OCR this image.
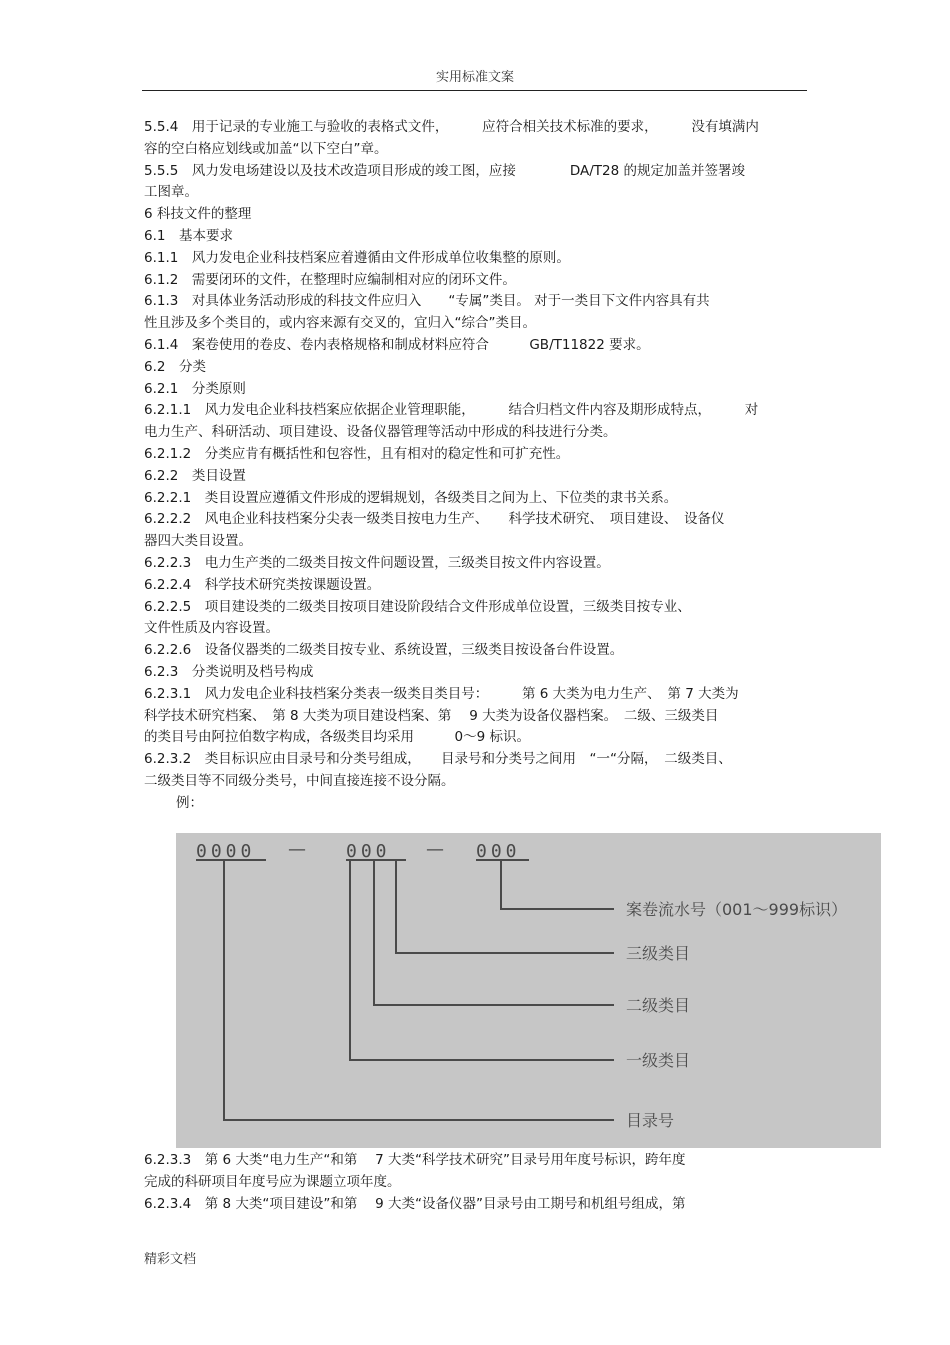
实用标准文案
5.5.4　用于记录的专业施工与验收的表格式文件，　　　应符合相关技术标准的要求，　　　没有填满内
容的空白格应划线或加盖“以下空白”章。
5.5.5　风力发电场建设以及技术改造项目形成的竣工图，应接　　　　DA/T28 的规定加盖并签署竣
工图章。
6 科技文件的整理
6.1　基本要求
6.1.1　风力发电企业科技档案应着遵循由文件形成单位收集整的原则。
6.1.2　需要闭环的文件，在整理时应编制相对应的闭环文件。
6.1.3　对具体业务活动形成的科技文件应归入　　“专属”类目。 对于一类目下文件内容具有共
性且涉及多个类目的，或内容来源有交叉的，宜归入“综合”类目。
6.1.4　案卷使用的卷皮、卷内表格规格和制成材料应符合　　　GB/T11822 要求。
6.2　分类
6.2.1　分类原则
6.2.1.1　风力发电企业科技档案应依据企业管理职能，　　　结合归档文件内容及期形成特点，　　　对
电力生产、科研活动、项目建设、设备仪器管理等活动中形成的科技进行分类。
6.2.1.2　分类应肯有概括性和包容性，且有相对的稳定性和可扩充性。
6.2.2　类目设置
6.2.2.1　类目设置应遵循文件形成的逻辑规划，各级类目之间为上、下位类的隶书关系。
6.2.2.2　风电企业科技档案分尖表一级类目按电力生产、　　科学技术研究、　项目建设、　设备仪
器四大类目设置。
6.2.2.3　电力生产类的二级类目按文件问题设置，三级类目按文件内容设置。
6.2.2.4　科学技术研究类按课题设置。
6.2.2.5　项目建设类的二级类目按项目建设阶段结合文件形成单位设置，三级类目按专业、
文件性质及内容设置。
6.2.2.6　设备仪器类的二级类目按专业、系统设置，三级类目按设备台件设置。
6.2.3　分类说明及档号构成
6.2.3.1　风力发电企业科技档案分类表一级类目类目号：　　　第 6 大类为电力生产、　第 7 大类为
科学技术研究档案、　第 8 大类为项目建设档案、第　 9 大类为设备仪器档案。　二级、三级类目
的类目号由阿拉伯数字构成，各级类目均采用　　　0～9 标识。
6.2.3.2　类目标识应由目录号和分类号组成，　　目录号和分类号之间用　“一“分隔，　二级类目、
二级类目等不同级分类号，中间直接连接不设分隔。
例：
0000 — 000 — 000
案卷流水号（001～999标识）
三级类目
二级类目
一级类目
目录号
6.2.3.3　第 6 大类“电力生产“和第　 7 大类“科学技术研究”目录号用年度号标识，跨年度
完成的科研项目年度号应为课题立项年度。
6.2.3.4　第 8 大类“项目建设”和第　 9 大类“设备仪器”目录号由工期号和机组号组成，第
精彩文档
